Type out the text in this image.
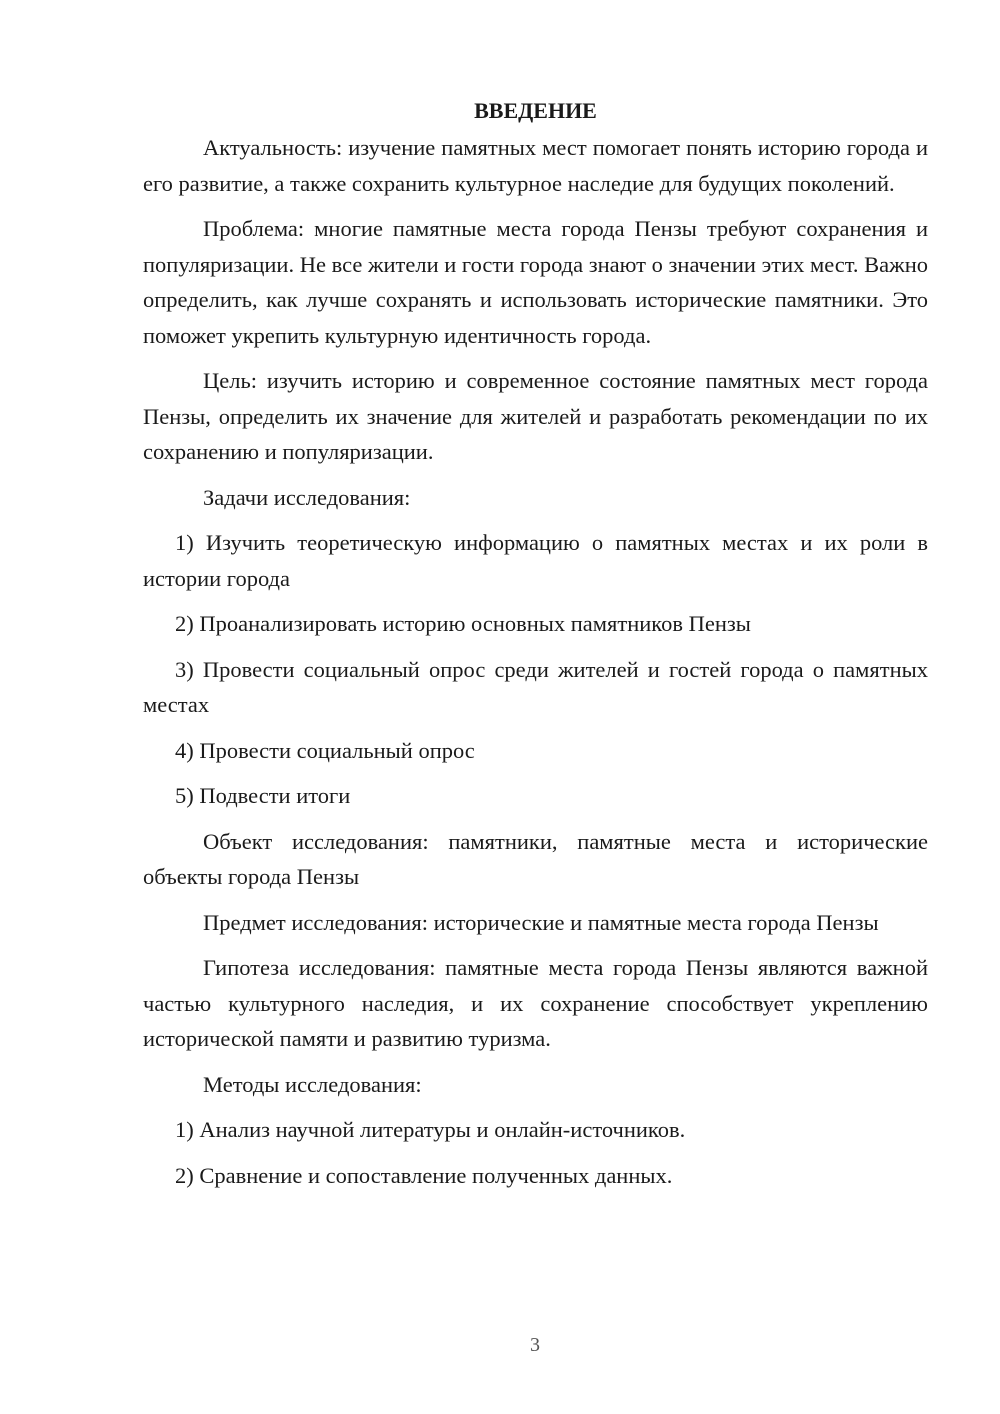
ВВЕДЕНИЕ

Актуальность: изучение памятных мест помогает понять историю города и его развитие, а также сохранить культурное наследие для будущих поколений.

Проблема: многие памятные места города Пензы требуют сохранения и популяризации. Не все жители и гости города знают о значении этих мест. Важно определить, как лучше сохранять и использовать исторические памятники. Это поможет укрепить культурную идентичность города.

Цель: изучить историю и современное состояние памятных мест города Пензы, определить их значение для жителей и разработать рекомендации по их сохранению и популяризации.

Задачи исследования:

1) Изучить теоретическую информацию о памятных местах и их роли в истории города

2) Проанализировать историю основных памятников Пензы

3) Провести социальный опрос среди жителей и гостей города о памятных местах

4) Провести социальный опрос

5) Подвести итоги

Объект исследования: памятники, памятные места и исторические объекты города Пензы

Предмет исследования: исторические и памятные места города Пензы

Гипотеза исследования: памятные места города Пензы являются важной частью культурного наследия, и их сохранение способствует укреплению исторической памяти и развитию туризма.

Методы исследования:

1) Анализ научной литературы и онлайн-источников.

2) Сравнение и сопоставление полученных данных.

3
